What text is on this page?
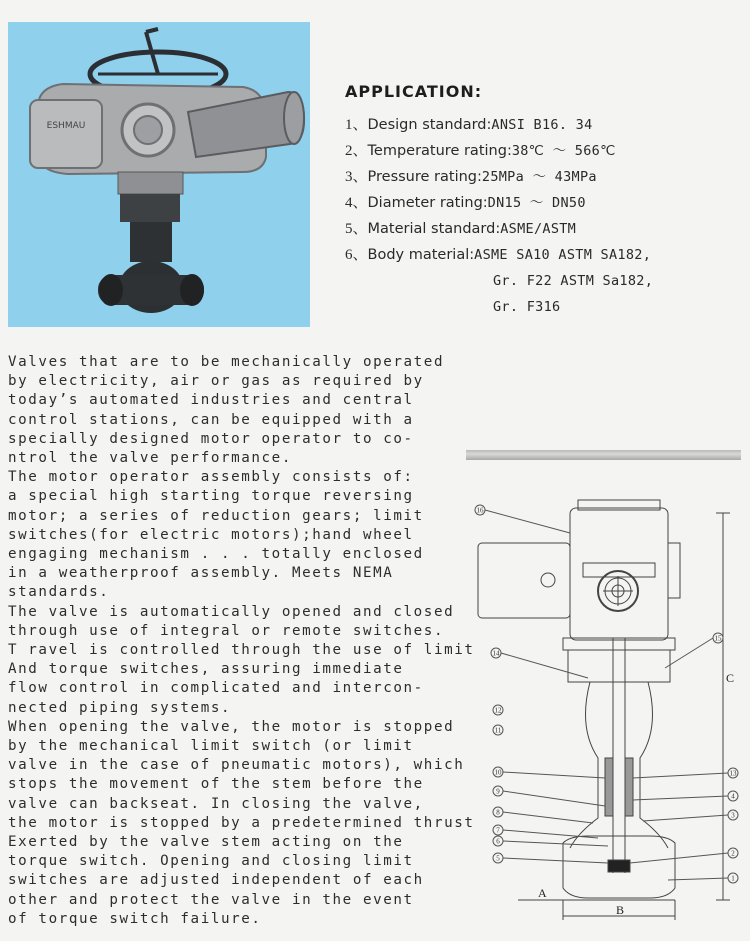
ESHMAU
APPLICATION:
1、Design standard:ANSI B16. 34
2、Temperature rating:38℃ ～ 566℃
3、Pressure rating:25MPa ～ 43MPa
4、Diameter rating:DN15 ～ DN50
5、Material standard:ASME/ASTM
6、Body material:ASME SA10 ASTM SA182,
Gr. F22 ASTM Sa182,
Gr. F316
Valves that are to be mechanically operated
by electricity, air or gas as required by
today’s automated industries and central
control stations, can be equipped with a
specially designed motor operator to co-
ntrol the valve performance.
The motor operator assembly consists of:
a special high starting torque reversing
motor; a series of reduction gears; limit
switches(for electric motors);hand wheel
engaging mechanism . . . totally enclosed
in a weatherproof assembly. Meets NEMA
standards.
The valve is automatically opened and closed
through use of integral or remote switches.
T ravel is controlled through the use of limit
And torque switches, assuring immediate
flow control in complicated and intercon-
nected piping systems.
When opening the valve, the motor is stopped
by the mechanical limit switch (or limit
valve in the case of pneumatic motors), which
stops the movement of the stem before the
valve can backseat. In closing the valve,
the motor is stopped by a predetermined thrust
Exerted by the valve stem acting on the
torque switch. Opening and closing limit
switches are adjusted independent of each
other and protect the valve in the event
of torque switch failure.
A
B
C
16
15
14
12
11
10
9
8
7
6
5
13
4
3
2
1
